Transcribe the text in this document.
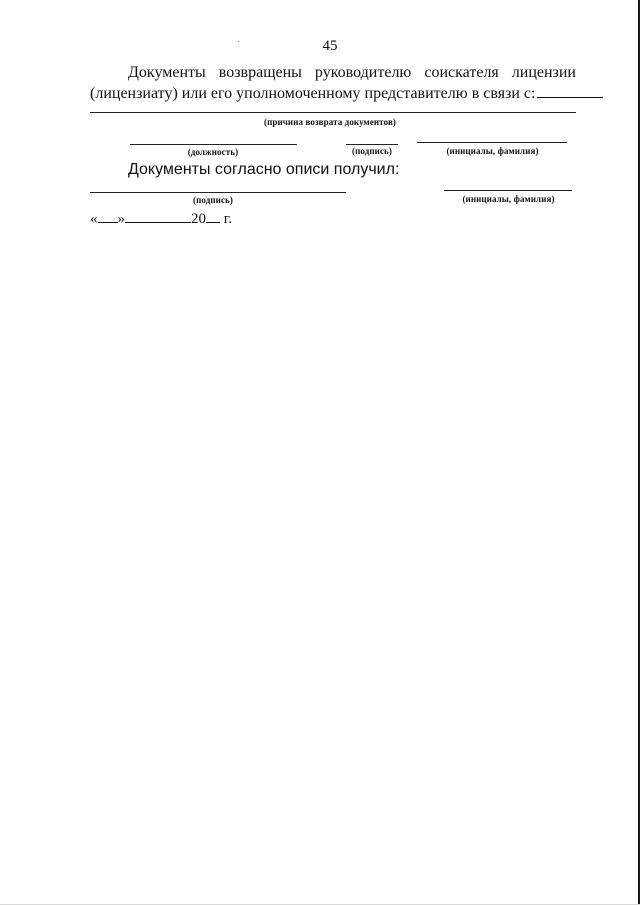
45
Документы возвращены руководителю соискателя лицензии
(лицензиату) или его уполномоченному представителю в связи с:
(причина возврата документов)
(должность)	(подпись)	(инициалы, фамилия)
Документы согласно описи получил:
(подпись)	(инициалы, фамилия)
« »	20 г.
